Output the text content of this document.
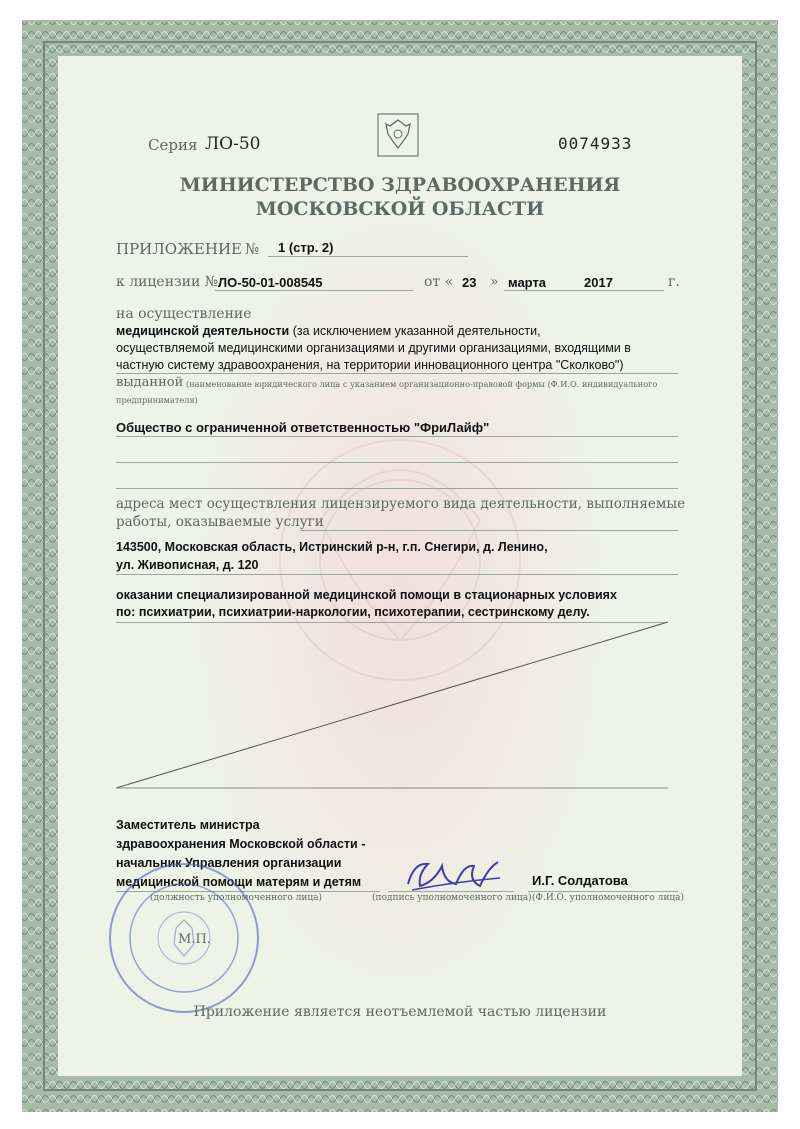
Серия ЛО-50	0074933
МИНИСТЕРСТВО ЗДРАВООХРАНЕНИЯ
МОСКОВСКОЙ ОБЛАСТИ
ПРИЛОЖЕНИЕ № 1 (стр. 2)
к лицензии № ЛО-50-01-008545	от « 23 » марта	2017	г.
на осуществление
медицинской деятельности (за исключением указанной деятельности,
осуществляемой медицинскими организациями и другими организациями, входящими в
частную систему здравоохранения, на территории инновационного центра "Сколково")
выданной (наименование юридического лица с указанием организационно-правовой формы (Ф.И.О. индивидуального
предпринимателя)
Общество с ограниченной ответственностью "ФриЛайф"
адреса мест осуществления лицензируемого вида деятельности, выполняемые
работы, оказываемые услуги
143500, Московская область, Истринский р-н, г.п. Снегири, д. Ленино,
ул. Живописная, д. 120
оказании специализированной медицинской помощи в стационарных условиях
по: психиатрии, психиатрии-наркологии, психотерапии, сестринскому делу.
Заместитель министра
здравоохранения Московской области -
начальник Управления организации
медицинской помощи матерям и детям
(должность уполномоченного лица)	(подпись уполномоченного лица)
И.Г. Солдатова
(Ф.И.О. уполномоченного лица)
М.П.
Приложение является неотъемлемой частью лицензии
